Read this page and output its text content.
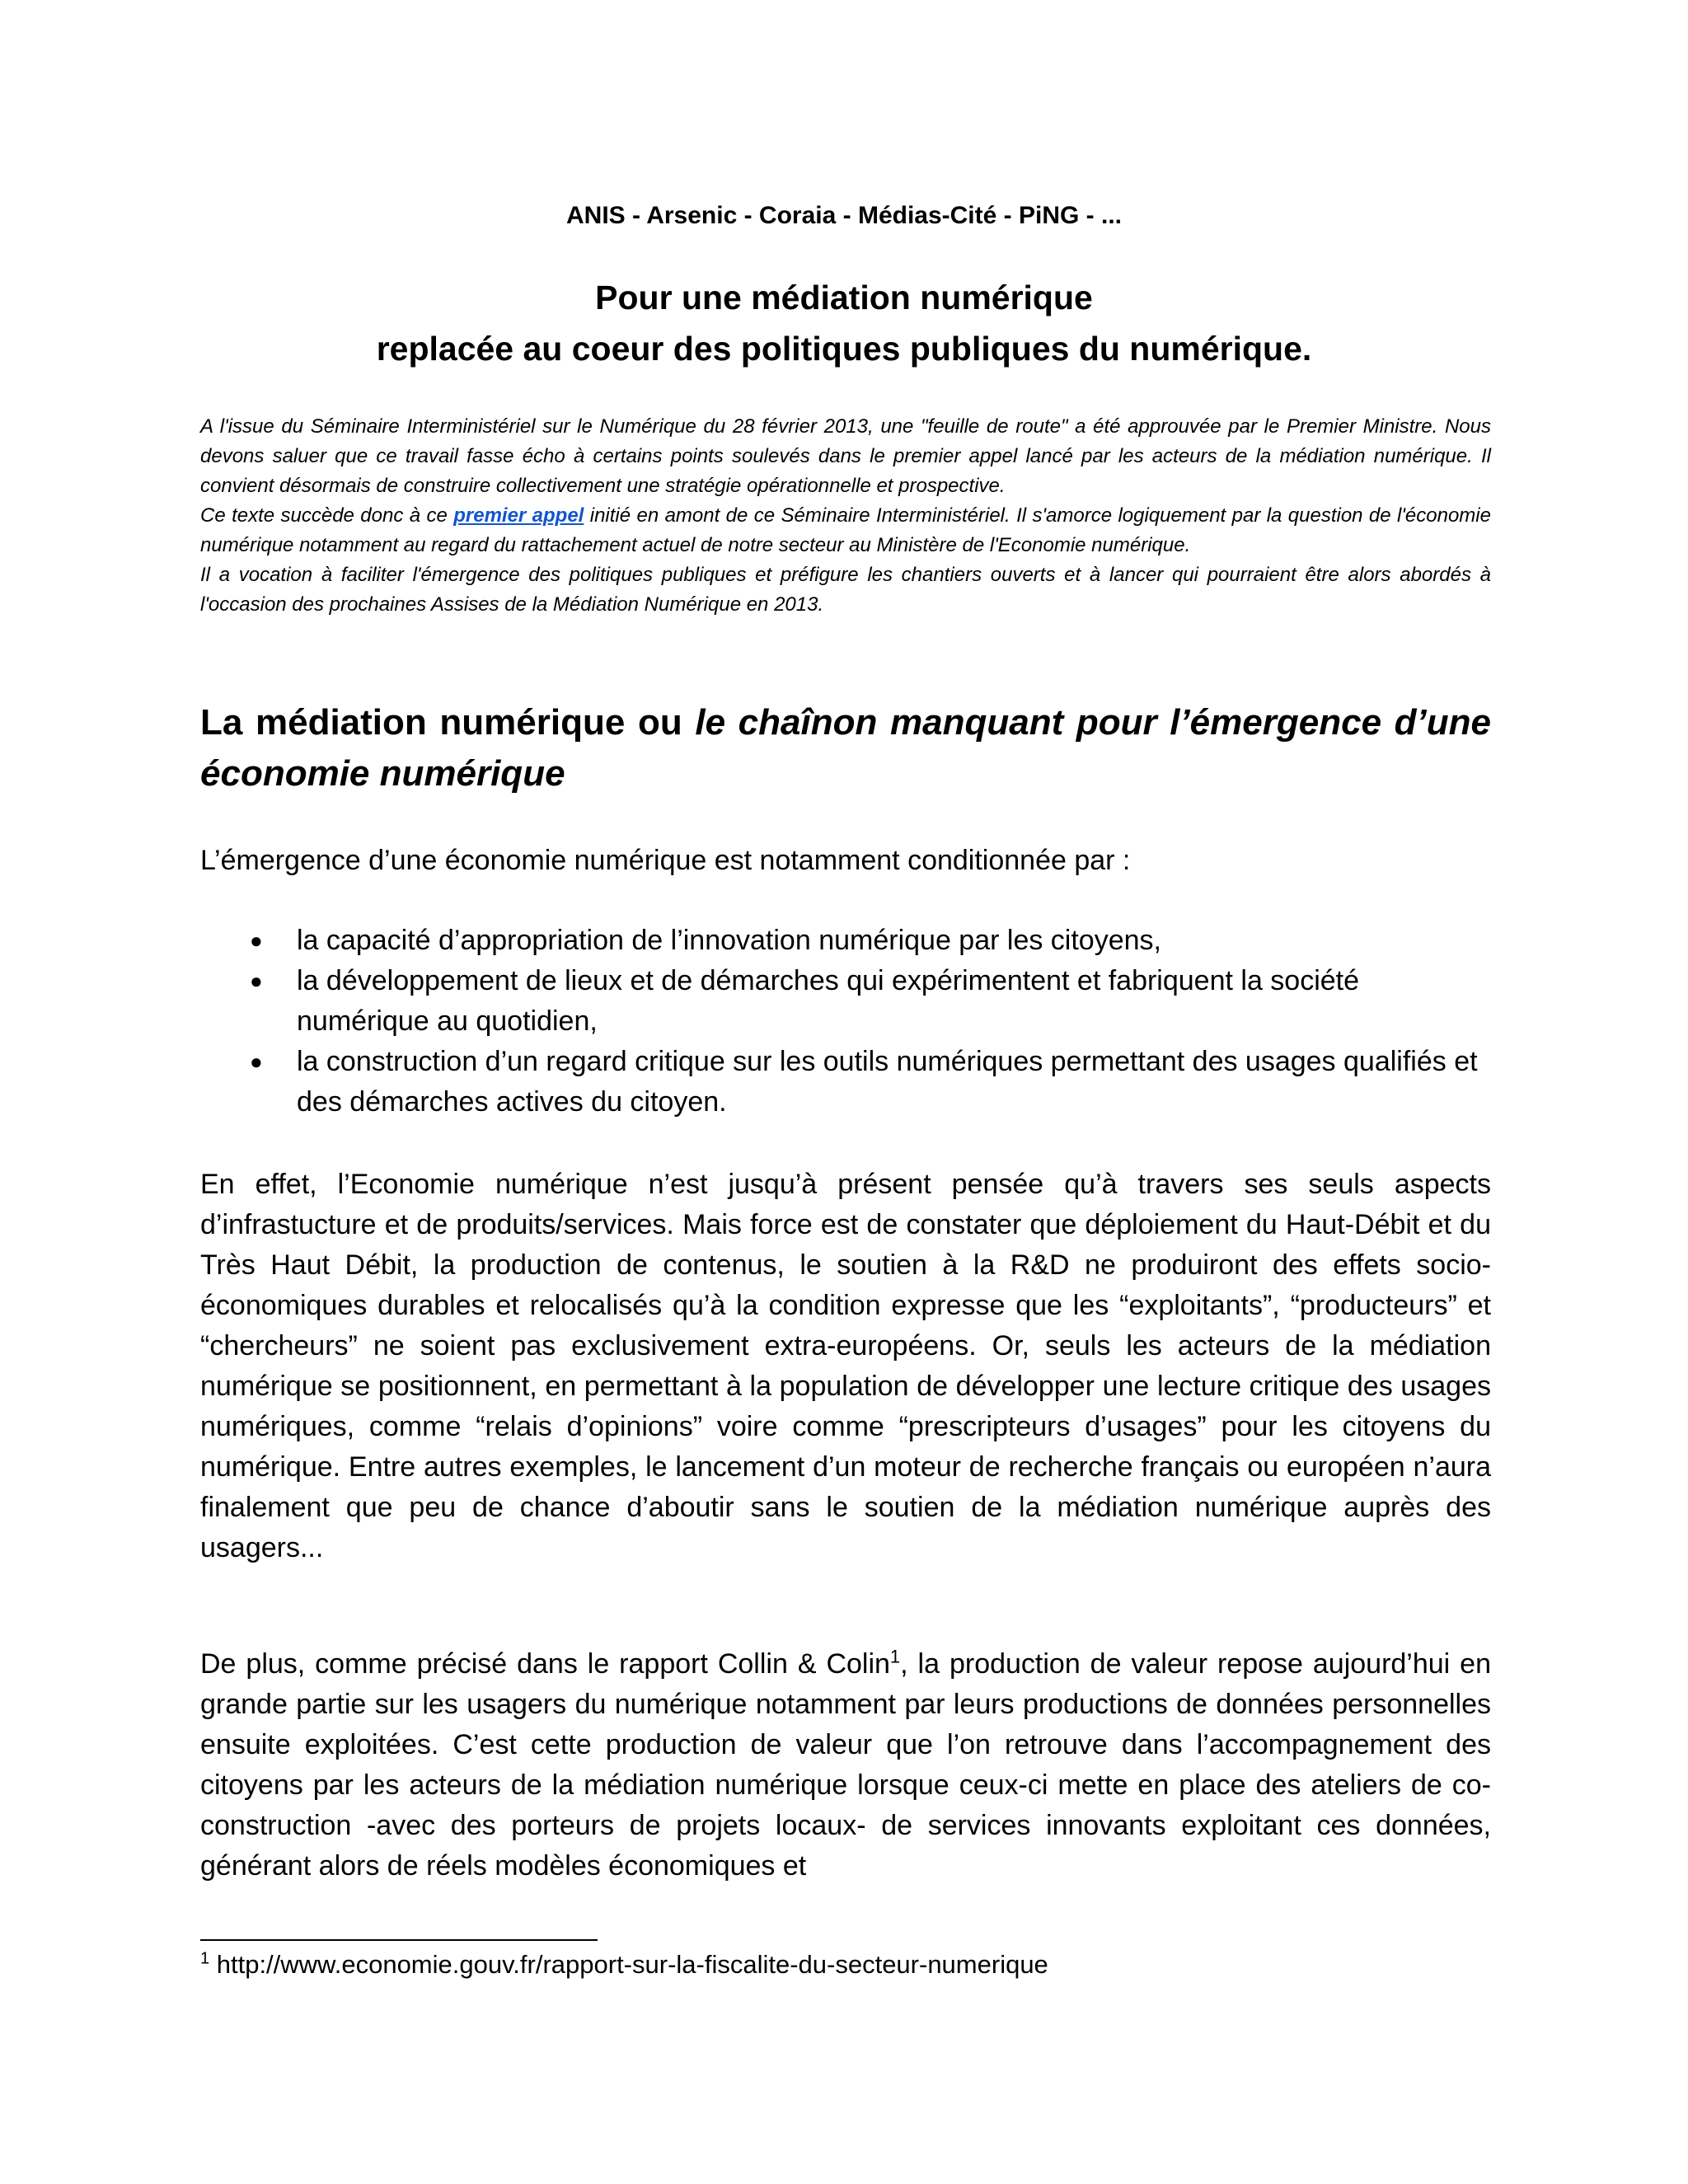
ANIS - Arsenic - Coraia - Médias-Cité - PiNG - ...
Pour une médiation numérique
replacée au coeur des politiques publiques du numérique.

A l'issue du Séminaire Interministériel sur le Numérique du 28 février 2013, une "feuille de route" a été approuvée par le Premier Ministre. Nous devons saluer que ce travail fasse écho à certains points soulevés dans le premier appel lancé par les acteurs de la médiation numérique. Il convient désormais de construire collectivement une stratégie opérationnelle et prospective.

Ce texte succède donc à ce premier appel initié en amont de ce Séminaire Interministériel. Il s'amorce logiquement par la question de l'économie numérique notamment au regard du rattachement actuel de notre secteur au Ministère de l'Economie numérique.

Il a vocation à faciliter l'émergence des politiques publiques et préfigure les chantiers ouverts et à lancer qui pourraient être alors abordés à l'occasion des prochaines Assises de la Médiation Numérique en 2013.

La médiation numérique ou le chaînon manquant pour l’émergence d’une économie numérique
L’émergence d’une économie numérique est notamment conditionnée par :
● la capacité d’appropriation de l’innovation numérique par les citoyens,
● la développement de lieux et de démarches qui expérimentent et fabriquent la société numérique au quotidien,
● la construction d’un regard critique sur les outils numériques permettant des usages qualifiés et des démarches actives du citoyen.

En effet, l’Economie numérique n’est jusqu’à présent pensée qu’à travers ses seuls aspects d’infrastucture et de produits/services. Mais force est de constater que déploiement du Haut-Débit et du Très Haut Débit, la production de contenus, le soutien à la R&D ne produiront des effets socio-économiques durables et relocalisés qu’à la condition expresse que les “exploitants”, “producteurs” et “chercheurs” ne soient pas exclusivement extra-européens. Or, seuls les acteurs de la médiation numérique se positionnent, en permettant à la population de développer une lecture critique des usages numériques, comme “relais d’opinions” voire comme “prescripteurs d’usages” pour les citoyens du numérique. Entre autres exemples, le lancement d’un moteur de recherche français ou européen n’aura finalement que peu de chance d’aboutir sans le soutien de la médiation numérique auprès des usagers...

De plus, comme précisé dans le rapport Collin & Colin$^1$, la production de valeur repose aujourd’hui en grande partie sur les usagers du numérique notamment par leurs productions de données personnelles ensuite exploitées. C’est cette production de valeur que l’on retrouve dans l’accompagnement des citoyens par les acteurs de la médiation numérique lorsque ceux-ci mette en place des ateliers de co-construction -avec des porteurs de projets locaux- de services innovants exploitant ces données, générant alors de réels modèles économiques et

$^1$ http://www.economie.gouv.fr/rapport-sur-la-fiscalite-du-secteur-numerique
